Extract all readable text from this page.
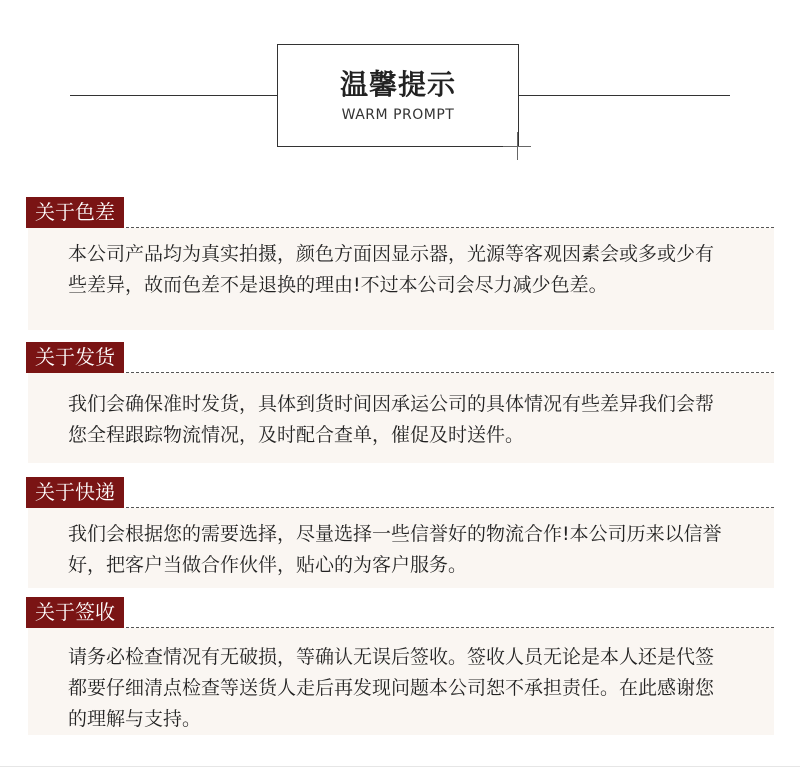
温馨提示
WARM PROMPT
关于色差
本公司产品均为真实拍摄，颜色方面因显示器，光源等客观因素会或多或少有些差异，故而色差不是退换的理由!不过本公司会尽力减少色差。
关于发货
我们会确保准时发货，具体到货时间因承运公司的具体情况有些差异我们会帮您全程跟踪物流情况，及时配合查单，催促及时送件。
关于快递
我们会根据您的需要选择，尽量选择一些信誉好的物流合作!本公司历来以信誉好，把客户当做合作伙伴，贴心的为客户服务。
关于签收
请务必检查情况有无破损，等确认无误后签收。签收人员无论是本人还是代签都要仔细清点检查等送货人走后再发现问题本公司恕不承担责任。在此感谢您的理解与支持。
